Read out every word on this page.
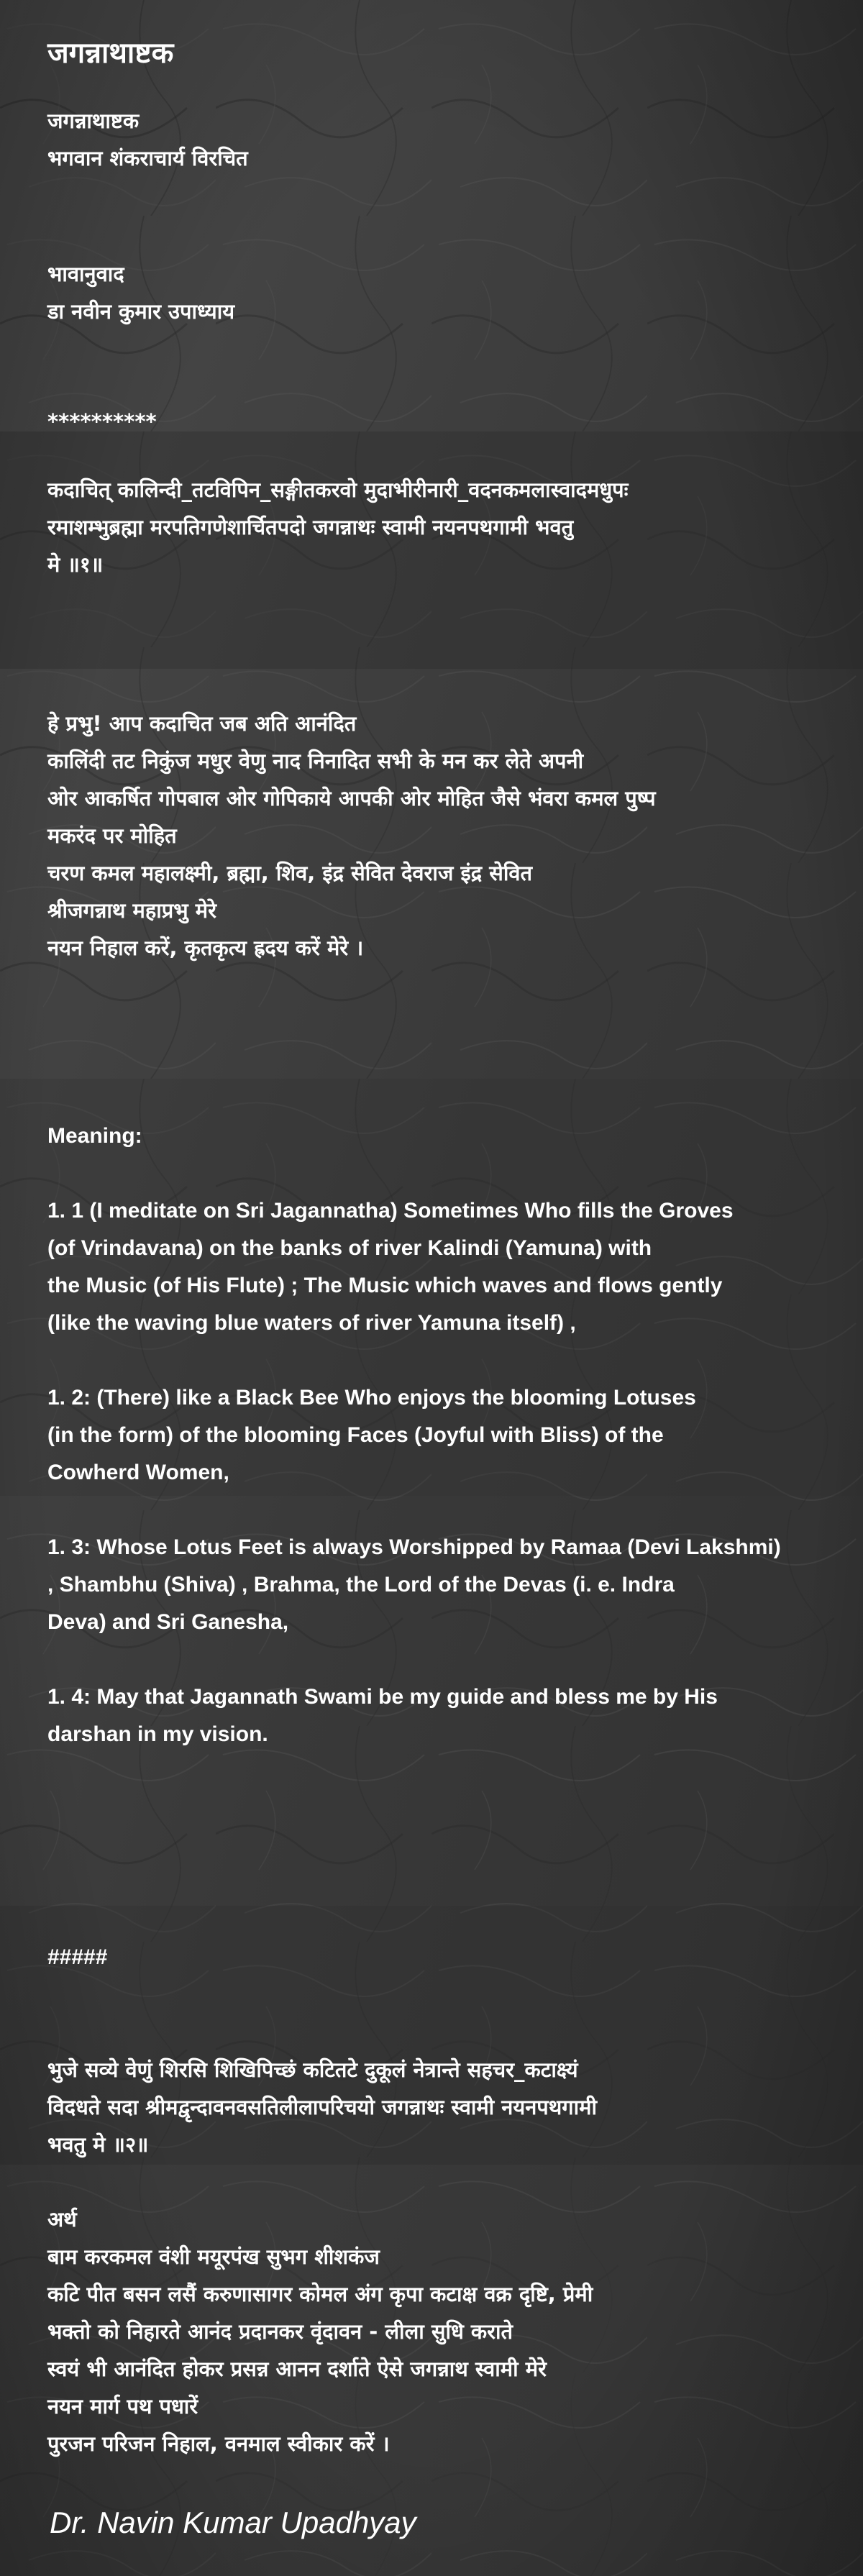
जगन्नाथाष्टक
जगन्नाथाष्टक
भगवान शंकराचार्य विरचित
भावानुवाद
डा नवीन कुमार उपाध्याय
**********
कदाचित् कालिन्दी_तटविपिन_सङ्गीतकरवो मुदाभीरीनारी_वदनकमलास्वादमधुपः
रमाशम्भुब्रह्मा मरपतिगणेशार्चितपदो जगन्नाथः स्वामी नयनपथगामी भवतु
मे ॥१॥
हे प्रभु! आप कदाचित जब अति आनंदित
कालिंदी तट निकुंज मधुर वेणु नाद निनादित सभी के मन कर लेते अपनी
ओर आकर्षित गोपबाल ओर गोपिकाये आपकी ओर मोहित जैसे भंवरा कमल पुष्प
मकरंद पर मोहित
चरण कमल महालक्ष्मी, ब्रह्मा, शिव, इंद्र सेवित देवराज इंद्र सेवित
श्रीजगन्नाथ महाप्रभु मेरे
नयन निहाल करें, कृतकृत्य ह्रदय करें मेरे ।
Meaning:
1. 1 (I meditate on Sri Jagannatha) Sometimes Who fills the Groves
(of Vrindavana) on the banks of river Kalindi (Yamuna) with
the Music (of His Flute) ; The Music which waves and flows gently
(like the waving blue waters of river Yamuna itself) ,
1. 2: (There) like a Black Bee Who enjoys the blooming Lotuses
(in the form) of the blooming Faces (Joyful with Bliss) of the
Cowherd Women,
1. 3: Whose Lotus Feet is always Worshipped by Ramaa (Devi Lakshmi)
, Shambhu (Shiva) , Brahma, the Lord of the Devas (i. e. Indra
Deva) and Sri Ganesha,
1. 4: May that Jagannath Swami be my guide and bless me by His
darshan in my vision.
#####
भुजे सव्ये वेणुं शिरसि शिखिपिच्छं कटितटे दुकूलं नेत्रान्ते सहचर_कटाक्ष्यं
विदधते सदा श्रीमद्वृन्दावनवसतिलीलापरिचयो जगन्नाथः स्वामी नयनपथगामी
भवतु मे ॥२॥
अर्थ
बाम करकमल वंशी मयूरपंख सुभग शीशकंज
कटि पीत बसन लसैं करुणासागर कोमल अंग कृपा कटाक्ष वक्र दृष्टि, प्रेमी
भक्तो को निहारते आनंद प्रदानकर वृंदावन - लीला सुधि कराते
स्वयं भी आनंदित होकर प्रसन्न आनन दर्शाते ऐसे जगन्नाथ स्वामी मेरे
नयन मार्ग पथ पधारें
पुरजन परिजन निहाल, वनमाल स्वीकार करें ।
Dr. Navin Kumar Upadhyay
